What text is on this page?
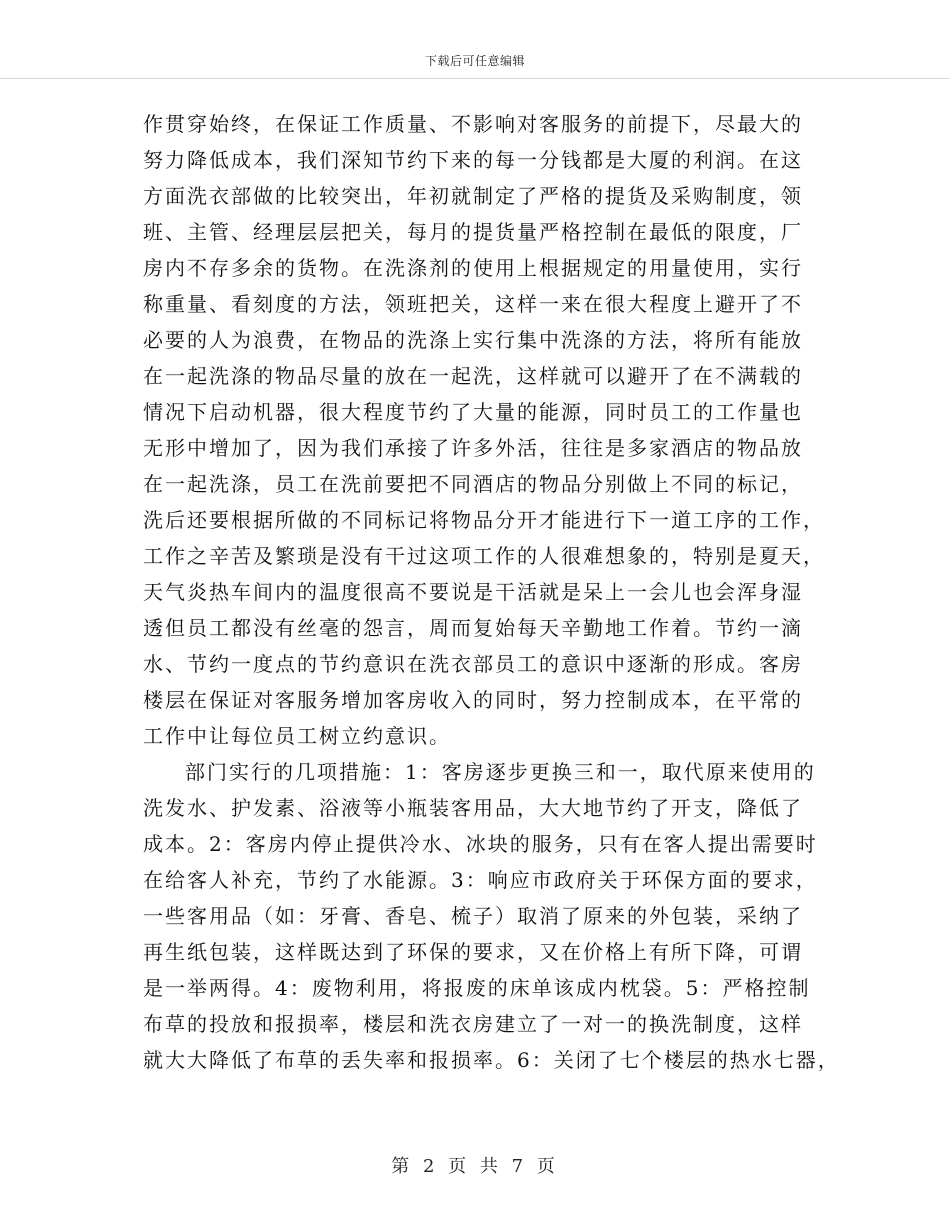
下载后可任意编辑

作贯穿始终，在保证工作质量、不影响对客服务的前提下，尽最大的
努力降低成本，我们深知节约下来的每一分钱都是大厦的利润。在这
方面洗衣部做的比较突出，年初就制定了严格的提货及采购制度，领
班、主管、经理层层把关，每月的提货量严格控制在最低的限度，厂
房内不存多余的货物。在洗涤剂的使用上根据规定的用量使用，实行
称重量、看刻度的方法，领班把关，这样一来在很大程度上避开了不
必要的人为浪费，在物品的洗涤上实行集中洗涤的方法，将所有能放
在一起洗涤的物品尽量的放在一起洗，这样就可以避开了在不满载的
情况下启动机器，很大程度节约了大量的能源，同时员工的工作量也
无形中增加了，因为我们承接了许多外活，往往是多家酒店的物品放
在一起洗涤，员工在洗前要把不同酒店的物品分别做上不同的标记，
洗后还要根据所做的不同标记将物品分开才能进行下一道工序的工作，
工作之辛苦及繁琐是没有干过这项工作的人很难想象的，特别是夏天，
天气炎热车间内的温度很高不要说是干活就是呆上一会儿也会浑身湿
透但员工都没有丝毫的怨言，周而复始每天辛勤地工作着。节约一滴
水、节约一度点的节约意识在洗衣部员工的意识中逐渐的形成。客房
楼层在保证对客服务增加客房收入的同时，努力控制成本，在平常的
工作中让每位员工树立约意识。

部门实行的几项措施：1：客房逐步更换三和一，取代原来使用的
洗发水、护发素、浴液等小瓶装客用品，大大地节约了开支，降低了
成本。2：客房内停止提供冷水、冰块的服务，只有在客人提出需要时
在给客人补充，节约了水能源。3：响应市政府关于环保方面的要求，
一些客用品（如：牙膏、香皂、梳子）取消了原来的外包装，采纳了
再生纸包装，这样既达到了环保的要求，又在价格上有所下降，可谓
是一举两得。4：废物利用，将报废的床单该成内枕袋。5：严格控制
布草的投放和报损率，楼层和洗衣房建立了一对一的换洗制度，这样
就大大降低了布草的丢失率和报损率。6：关闭了七个楼层的热水七器，

第 2 页 共 7 页
